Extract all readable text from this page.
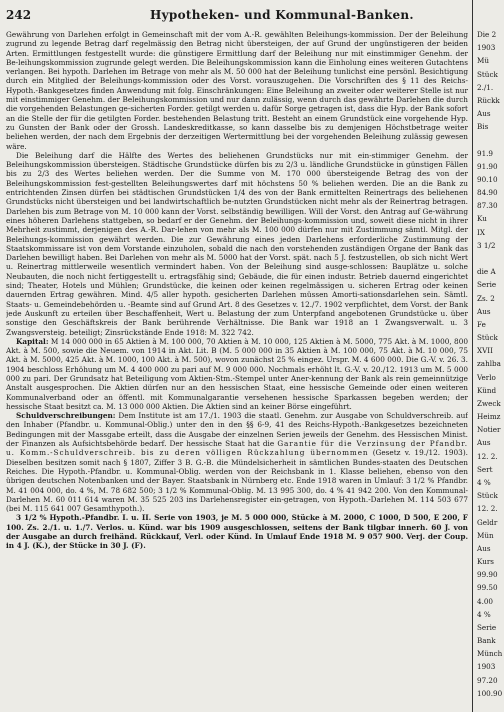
242	Hypotheken- und Kommunal-Banken.

Gewährung von Darlehen erfolgt in Gemeinschaft mit der vom A.-R. gewählten Beleihungs-kommission. Der der Beleihung zugrund zu legende Betrag darf regelmässig den Betrag nicht übersteigen, der auf Grund der ungünstigeren der beiden Arten. Ermittlungen festgestellt wurde: die günstigere Ermittlung darf der Beleihung nur mit einstimmiger Genehm. der Be-leihungskommission zugrunde gelegt werden. Die Beleihungskommission kann die Einholung eines weiteren Gutachtens verlangen. Bei hypoth. Darlehen im Betrage von mehr als M. 50 000 hat der Beleihung tunlichst eine persönl. Besichtigung durch ein Mitglied der Beleihungs-kommission oder des Vorst. vorauszugehen. Die Vorschriften des § 11 des Reichs-Hypoth.-Bankgesetzes finden Anwendung mit folg. Einschränkungen: Eine Beleihung an zweiter oder weiterer Stelle ist nur mit einstimmiger Genehm. der Beleihungskommission und nur dann zulässig, wenn durch das gewährte Darlehen die durch die vorgehenden Belastungen ge-sicherten Forder. getilgt werden u. dafür Sorge getragen ist, dass die Hyp. der Bank sofort an die Stelle der für die getilgten Forder. bestehenden Belastung tritt. Besteht an einem Grundstück eine vorgehende Hyp. zu Gunsten der Bank oder der Grossh. Landeskreditkasse, so kann dasselbe bis zu demjenigen Höchstbetrage weiter beliehen werden, der nach dem Ergebnis der derzeitigen Wertermittlung bei der vorgehenden Beleihung zulässig gewesen wäre.

Die Beleihung darf die Hälfte des Wertes des beliehenen Grundstücks nur mit ein-stimmiger Genehm. der Beleihungskommission übersteigen. Städtische Grundstücke dürfen bis zu 2/3 u. ländliche Grundstücke in günstigen Fällen bis zu 2/3 des Wertes beliehen werden. Der die Summe von M. 170 000 übersteigende Betrag des von der Beleihungskommission fest-gestellten Beleihungswertes darf mit höchstens 50 % beliehen werden. Die an die Bank zu entrichtenden Zinsen dürfen bei städtischen Grundstücken 1/4 des von der Bank ermittelten Reinertrags des beliehenen Grundstücks nicht übersteigen und bei landwirtschaftlich be-nutzten Grundstücken nicht mehr als der Reinertrag betragen. Darlehen bis zum Betrage von M. 10 000 kann der Vorst. selbständig bewilligen. Will der Vorst. den Antrag auf Ge-währung eines höheren Darlehens stattgeben, so bedarf er der Genehm. der Beleihungs-kommission und, soweit diese nicht in ihrer Mehrheit zustimmt, derjenigen des A.-R. Dar-lehen von mehr als M. 100 000 dürfen nur mit Zustimmung sämtl. Mitgl. der Beleihungs-kommission gewährt werden. Die zur Gewährung eines jeden Darlehens erforderliche Zustimmung der Staatskommissare ist von dem Vorstande einzuholen, sobald die nach den vorstehenden zuständigen Organe der Bank das Darlehen bewilligt haben. Bei Darlehen von mehr als M. 5000 hat der Vorst. spät. nach 5 J. festzustellen, ob sich nicht Wert u. Reinertrag mittlerweile wesentlich vermindert haben. Von der Beleihung sind ausge-schlossen: Bauplätze u. solche Neubauten, die noch nicht fertiggestellt u. ertragsfähig sind; Gebäude, die für einen industr. Betrieb dauernd eingerichtet sind; Theater, Hotels und Mühlen; Grundstücke, die keinen oder keinen regelmässigen u. sicheren Ertrag oder keinen dauernden Ertrag gewähren. Mind. 4/5 aller hypoth. gesicherten Darlehen müssen Amorti-sationsdarlehen sein. Sämtl. Staats- u. Gemeindebehörden u. -Beamte sind auf Grund Art. 8 des Gesetzes v. 12./7. 1902 verpflichtet, dem Vorst. der Bank jede Auskunft zu erteilen über Beschaffenheit, Wert u. Belastung der zum Unterpfand angebotenen Grundstücke u. über sonstige den Geschäftskreis der Bank berührende Verhältnisse. Die Bank war 1918 an 1 Zwangsverwalt. u. 3 Zwangsversteig. beteiligt; Zinsrückstände Ende 1918: M. 322 742.

Kapital: M 14 000 000 in 65 Aktien à M. 100 000, 70 Aktien à M. 10 000, 125 Aktien à M. 5000, 775 Akt. à M. 1000, 800 Akt. à M. 500, sowie die Neuem. von 1914 in Akt. Lit. B (M. 5 000 000 in 35 Aktien à M. 100 000, 75 Akt. à M. 10 000, 75 Akt. à M. 5000, 425 Akt. à M. 1000, 100 Akt. à M. 500), wovon zunächst 25 % eingez. Urspr. M. 4 600 000. Die G.-V. v. 26. 3. 1904 beschloss Erhöhung um M. 4 400 000 zu pari auf M. 9 000 000. Nochmals erhöht lt. G.-V. v. 20./12. 1913 um M. 5 000 000 zu pari. Der Grundsatz hat Beteiligung vom Aktien-Stm.-Stempel unter Aner-kennung der Bank als rein gemeinnützige Anstalt ausgesprochen. Die Aktien dürfen nur an den hessischen Staat, eine hessische Gemeinde oder einen weiteren Kommunalverband oder an öffentl. mit Kommunalgarantie versehenen hessische Sparkassen begeben werden; der hessische Staat besitzt ca. M. 13 000 000 Aktien. Die Aktien sind an keiner Börse eingeführt.

Schuldverschreibungen: Dem Institute ist am 17./1. 1903 die staatl. Genehm. zur Ausgabe von Schuldverschreib. auf den Inhaber (Pfandbr. u. Kommunal-Oblig.) unter den in den §§ 6-9, 41 des Reichs-Hypoth.-Bankgesetzes bezeichneten Bedingungen mit der Massgabe erteilt, dass die Ausgabe der einzelnen Serien jeweils der Genehm. des Hessischen Minist. der Finanzen als Aufsichtsbehörde bedarf. Der hessische Staat hat die Garantie für die Verzinsung der Pfandbr. u. Komm.-Schuldverschreib. bis zu deren völligen Rückzahlung übernommen (Gesetz v. 19./12. 1903). Dieselben besitzen somit nach § 1807, Ziffer 3 B. G.-B. die Mündelsicherheit in sämtlichen Bundes-staaten des Deutschen Reiches. Die Hypoth.-Pfandbr. u. Kommunal-Oblig. werden von der Reichsbank in 1. Klasse beliehen, ebenso von den übrigen deutschen Notenbanken und der Bayer. Staatsbank in Nürnberg etc. Ende 1918 waren in Umlauf: 3 1/2 % Pfandbr. M. 41 004 000, do. 4 %, M. 78 682 500; 3 1/2 % Kommunal-Oblig. M. 13 995 300, do. 4 % 41 942 200. Von den Kommunal-Darlehen M. 60 011 614 waren M. 35 525 203 ins Darlehensregister ein-getragen, von Hypoth.-Darlehen M. 114 503 677 (bei M. 115 641 007 Gesamthypoth.).

3 1/2 % Hypoth.-Pfandbr. I. u. II. Serie von 1903, je M. 5 000 000, Stücke à M. 2000, C 1000, D 500, E 200, F 100. Zs. 2./1. u. 1./7. Verlos. u. Künd. war bis 1909 ausgeschlossen, seitens der Bank tilgbar innerh. 60 J. von der Ausgabe an durch freihänd. Rückkauf, Verl. oder Künd. In Umlauf Ende 1918 M. 9 057 900. Verj. der Coup. in 4 J. (K.), der Stücke in 30 J. (F).

Die 2
1903
Mü
Stück
2./1.
Rückk
Aus
Bis
91.9
91.90
90.10
84.90
87.30
Ku
IX
3 1/2
die A
Serie
Zs. 2
Aus
Fe
Stück
XVII
zahlba
Verlo
Künd
Zweck
Heimz
Notier
Aus
12. 2.
Sert
4 %
Stück
12. 2.
Geldr
Mün
Aus
Kurs
99.90
99.50
4.00
4 %
Serie
Bank
Münch
1903
97.20
100.90
